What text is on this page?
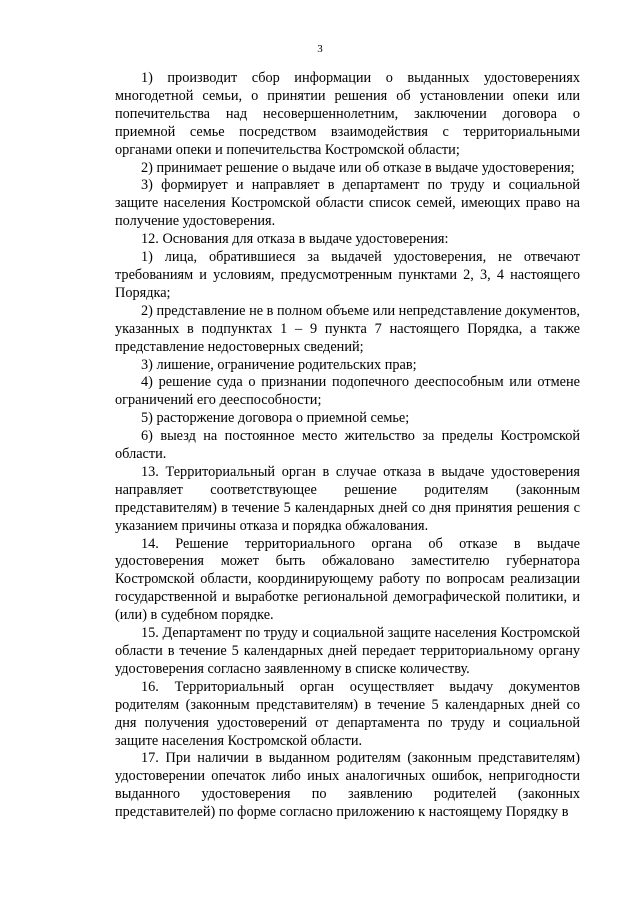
3

1) производит сбор информации о выданных удостоверениях многодетной семьи, о принятии решения об установлении опеки или попечительства над несовершеннолетним, заключении договора о приемной семье посредством взаимодействия с территориальными органами опеки и попечительства Костромской области;

2) принимает решение о выдаче или об отказе в выдаче удостоверения;

3) формирует и направляет в департамент по труду и социальной защите населения Костромской области список семей, имеющих право на получение удостоверения.

12. Основания для отказа в выдаче удостоверения:

1) лица, обратившиеся за выдачей удостоверения, не отвечают требованиям и условиям, предусмотренным пунктами 2, 3, 4 настоящего Порядка;

2) представление не в полном объеме или непредставление документов, указанных в подпунктах 1 – 9 пункта 7 настоящего Порядка, а также представление недостоверных сведений;

3) лишение, ограничение родительских прав;

4) решение суда о признании подопечного дееспособным или отмене ограничений его дееспособности;

5) расторжение договора о приемной семье;

6) выезд на постоянное место жительство за пределы Костромской области.

13. Территориальный орган в случае отказа в выдаче удостоверения направляет соответствующее решение родителям (законным представителям) в течение 5 календарных дней со дня принятия решения с указанием причины отказа и порядка обжалования.

14. Решение территориального органа об отказе в выдаче удостоверения может быть обжаловано заместителю губернатора Костромской области, координирующему работу по вопросам реализации государственной и выработке региональной демографической политики, и (или) в судебном порядке.

15. Департамент по труду и социальной защите населения Костромской области в течение 5 календарных дней передает территориальному органу удостоверения согласно заявленному в списке количеству.

16. Территориальный орган осуществляет выдачу документов родителям (законным представителям) в течение 5 календарных дней со дня получения удостоверений от департамента по труду и социальной защите населения Костромской области.

17. При наличии в выданном родителям (законным представителям) удостоверении опечаток либо иных аналогичных ошибок, непригодности выданного удостоверения по заявлению родителей (законных представителей) по форме согласно приложению к настоящему Порядку в
